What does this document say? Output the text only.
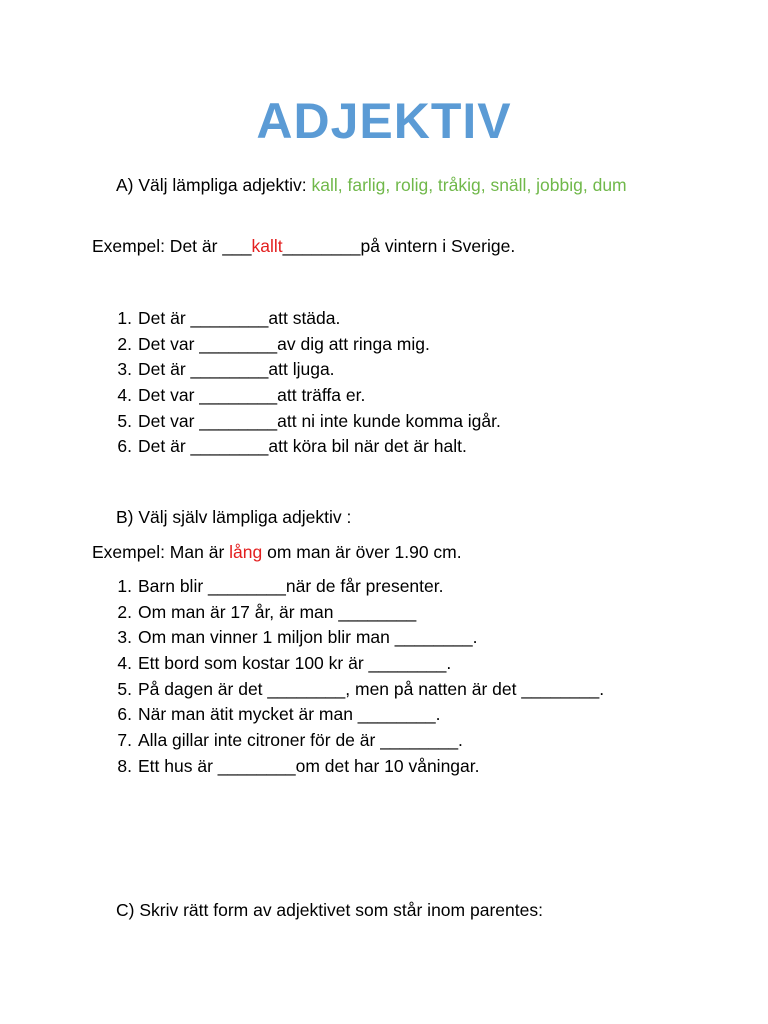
ADJEKTIV
A) Välj lämpliga adjektiv: kall, farlig, rolig, tråkig, snäll, jobbig, dum
Exempel: Det är ___kallt________på vintern i Sverige.
1 . Det är ________att städa.
2 . Det var ________av dig att ringa mig.
3 . Det är ________att ljuga.
4 . Det var ________att träffa er.
5 . Det var ________att ni inte kunde komma igår.
6 . Det är ________att köra bil när det är halt.
B) Välj själv lämpliga adjektiv :
Exempel: Man är lång om man är över 1.90 cm.
1 . Barn blir ________när de får presenter.
2 . Om man är 17 år, är man ________
3 . Om man vinner 1 miljon blir man ________.
4 . Ett bord som kostar 100 kr är ________.
5 . På dagen är det ________, men på natten är det ________.
6 . När man ätit mycket är man ________.
7 . Alla gillar inte citroner för de är ________.
8 . Ett hus är ________om det har 10 våningar.
C) Skriv rätt form av adjektivet som står inom parentes:
